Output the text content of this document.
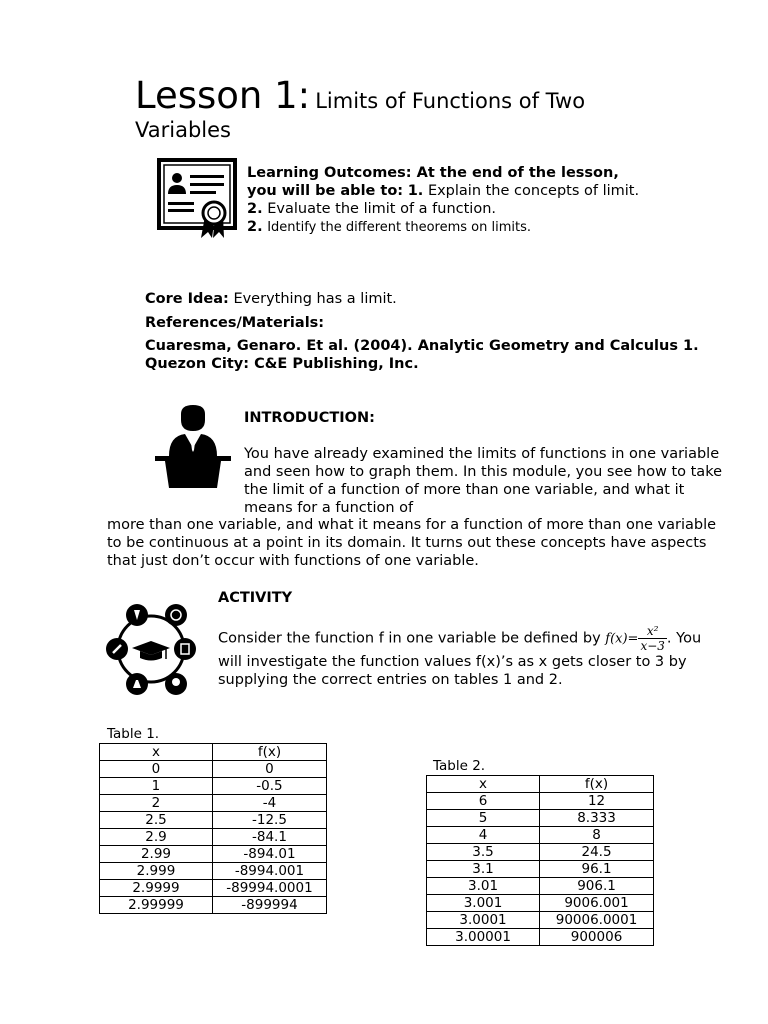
Lesson 1: Limits of Functions of Two
Variables
Learning Outcomes: At the end of the lesson, you will be able to: 1. Explain the concepts of limit.
2. Evaluate the limit of a function.
2. Identify the different theorems on limits.
Core Idea: Everything has a limit.
References/Materials:
Cuaresma, Genaro. Et al. (2004). Analytic Geometry and Calculus 1. Quezon City: C&E Publishing, Inc.
INTRODUCTION:
You have already examined the limits of functions in one variable and seen how to graph them. In this module, you see how to take the limit of a function of more than one variable, and what it means for a function of
more than one variable, and what it means for a function of more than one variable to be continuous at a point in its domain. It turns out these concepts have aspects that just don’t occur with functions of one variable.
ACTIVITY
Consider the function f in one variable be defined by $f(x)= \frac{\text{x²}}{x-3}$ . You will investigate the function values f(x)’s as x gets closer to 3 by supplying the correct entries on tables 1 and 2.
Table 1.
x	f(x)
0	0
1	-0.5
2	-4
2.5	-12.5
2.9	-84.1
2.99	-894.01
2.999	-8994.001
2.9999	-89994.0001
2.99999	-899994
Table 2.
x	f(x)
6	12
5	8.333
4	8
3.5	24.5
3.1	96.1
3.01	906.1
3.001	9006.001
3.0001	90006.0001
3.00001	900006
